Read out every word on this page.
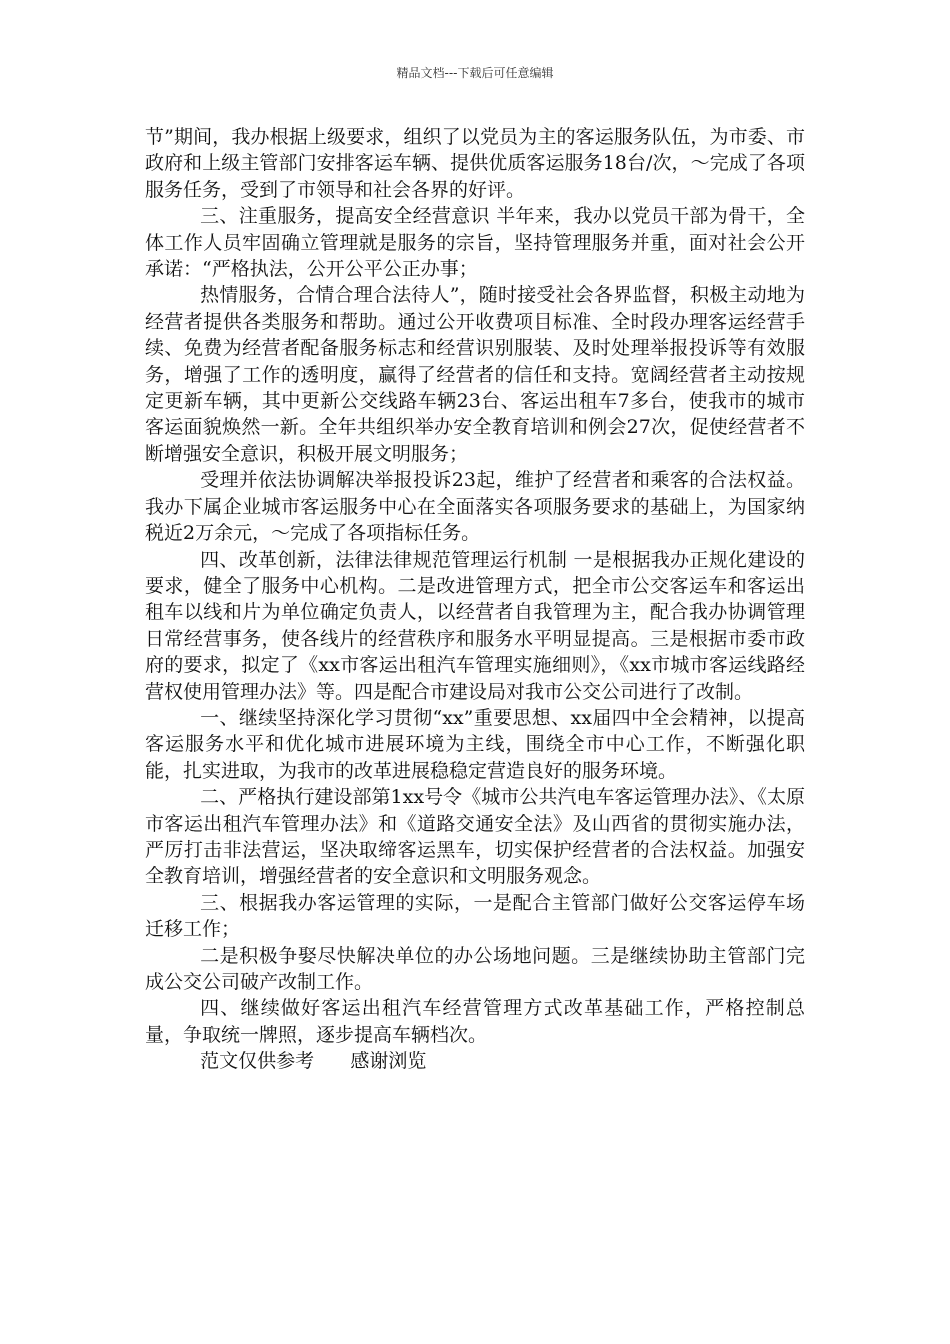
精品文档---下载后可任意编辑

节”期间，我办根据上级要求，组织了以党员为主的客运服务队伍，为市委、市政府和上级主管部门安排客运车辆、提供优质客运服务18台/次，～完成了各项服务任务，受到了市领导和社会各界的好评。

三、注重服务，提高安全经营意识 半年来，我办以党员干部为骨干，全体工作人员牢固确立管理就是服务的宗旨，坚持管理服务并重，面对社会公开承诺：“严格执法，公开公平公正办事；

热情服务，合情合理合法待人”，随时接受社会各界监督，积极主动地为经营者提供各类服务和帮助。通过公开收费项目标准、全时段办理客运经营手续、免费为经营者配备服务标志和经营识别服装、及时处理举报投诉等有效服务，增强了工作的透明度，赢得了经营者的信任和支持。宽阔经营者主动按规定更新车辆，其中更新公交线路车辆23台、客运出租车7多台，使我市的城市客运面貌焕然一新。全年共组织举办安全教育培训和例会27次，促使经营者不断增强安全意识，积极开展文明服务；

受理并依法协调解决举报投诉23起，维护了经营者和乘客的合法权益。我办下属企业城市客运服务中心在全面落实各项服务要求的基础上，为国家纳税近2万余元，～完成了各项指标任务。

四、改革创新，法律法律规范管理运行机制 一是根据我办正规化建设的要求，健全了服务中心机构。二是改进管理方式，把全市公交客运车和客运出租车以线和片为单位确定负责人，以经营者自我管理为主，配合我办协调管理日常经营事务，使各线片的经营秩序和服务水平明显提高。三是根据市委市政府的要求，拟定了《xx市客运出租汽车管理实施细则》，《xx市城市客运线路经营权使用管理办法》等。四是配合市建设局对我市公交公司进行了改制。

一、继续坚持深化学习贯彻“xx”重要思想、xx届四中全会精神，以提高客运服务水平和优化城市进展环境为主线，围绕全市中心工作，不断强化职能，扎实进取，为我市的改革进展稳稳定营造良好的服务环境。

二、严格执行建设部第1xx号令《城市公共汽电车客运管理办法》、《太原市客运出租汽车管理办法》和《道路交通安全法》及山西省的贯彻实施办法，严厉打击非法营运，坚决取缔客运黑车，切实保护经营者的合法权益。加强安全教育培训，增强经营者的安全意识和文明服务观念。

三、根据我办客运管理的实际，一是配合主管部门做好公交客运停车场迁移工作；

二是积极争娶尽快解决单位的办公场地问题。三是继续协助主管部门完成公交公司破产改制工作。

四、继续做好客运出租汽车经营管理方式改革基础工作，严格控制总量，争取统一牌照，逐步提高车辆档次。

范文仅供参考 感谢浏览
